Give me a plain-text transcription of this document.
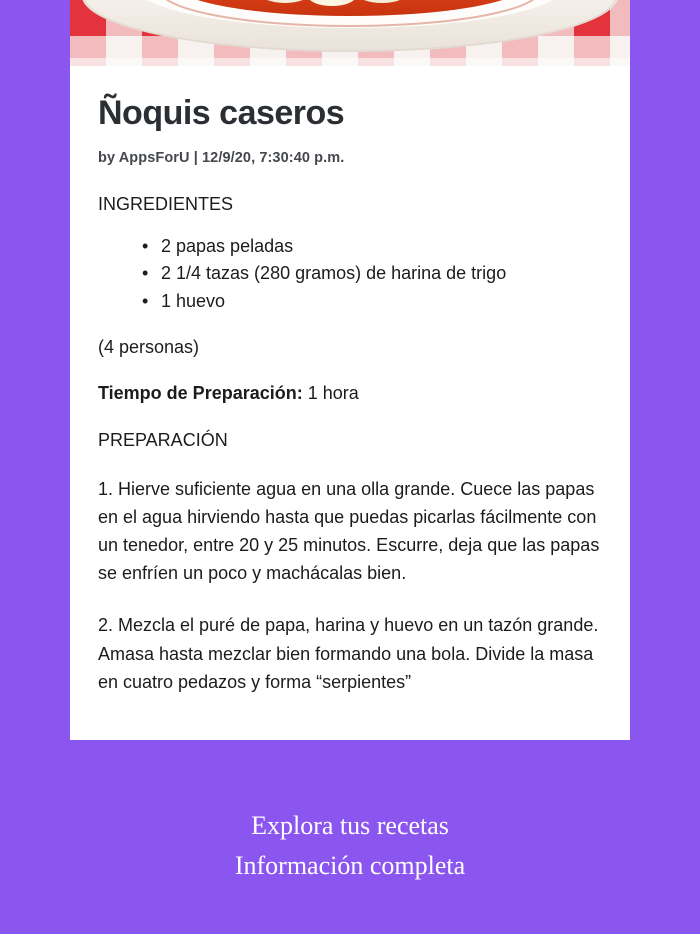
Ñoquis caseros

by AppsForU | 12/9/20, 7:30:40 p.m.

INGREDIENTES

• 2 papas peladas
• 2 1/4 tazas (280 gramos) de harina de trigo
• 1 huevo

(4 personas)

Tiempo de Preparación: 1 hora

PREPARACIÓN

1. Hierve suficiente agua en una olla grande. Cuece las papas en el agua hirviendo hasta que puedas picarlas fácilmente con un tenedor, entre 20 y 25 minutos. Escurre, deja que las papas se enfríen un poco y machácalas bien.

2. Mezcla el puré de papa, harina y huevo en un tazón grande. Amasa hasta mezclar bien formando una bola. Divide la masa en cuatro pedazos y forma “serpientes”

Explora tus recetas
Información completa
